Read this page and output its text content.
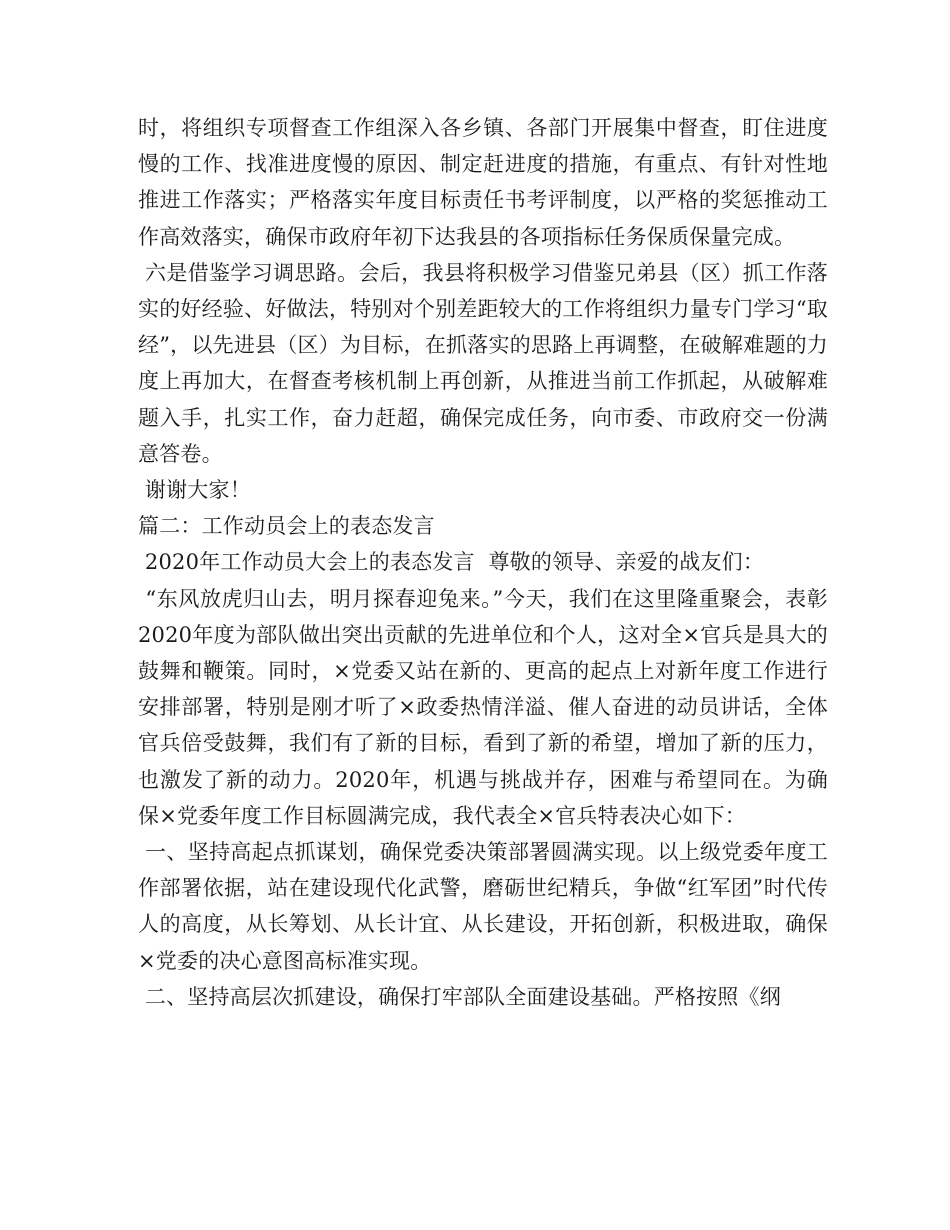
时，将组织专项督查工作组深入各乡镇、各部门开展集中督查，盯住进度慢的工作、找准进度慢的原因、制定赶进度的措施，有重点、有针对性地推进工作落实；严格落实年度目标责任书考评制度，以严格的奖惩推动工作高效落实，确保市政府年初下达我县的各项指标任务保质保量完成。

六是借鉴学习调思路。会后，我县将积极学习借鉴兄弟县（区）抓工作落实的好经验、好做法，特别对个别差距较大的工作将组织力量专门学习“取经”，以先进县（区）为目标，在抓落实的思路上再调整，在破解难题的力度上再加大，在督查考核机制上再创新，从推进当前工作抓起，从破解难题入手，扎实工作，奋力赶超，确保完成任务，向市委、市政府交一份满意答卷。

谢谢大家！

篇二：工作动员会上的表态发言

2020年工作动员大会上的表态发言  尊敬的领导、亲爱的战友们：

“东风放虎归山去，明月探春迎兔来。”今天，我们在这里隆重聚会，表彰2020年度为部队做出突出贡献的先进单位和个人，这对全×官兵是具大的鼓舞和鞭策。同时，×党委又站在新的、更高的起点上对新年度工作进行安排部署，特别是刚才听了×政委热情洋溢、催人奋进的动员讲话，全体官兵倍受鼓舞，我们有了新的目标，看到了新的希望，增加了新的压力，也激发了新的动力。2020年，机遇与挑战并存，困难与希望同在。为确保×党委年度工作目标圆满完成，我代表全×官兵特表决心如下：

一、坚持高起点抓谋划，确保党委决策部署圆满实现。以上级党委年度工作部署依据，站在建设现代化武警，磨砺世纪精兵，争做“红军团”时代传人的高度，从长筹划、从长计宜、从长建设，开拓创新，积极进取，确保×党委的决心意图高标准实现。

二、坚持高层次抓建设，确保打牢部队全面建设基础。严格按照《纲
